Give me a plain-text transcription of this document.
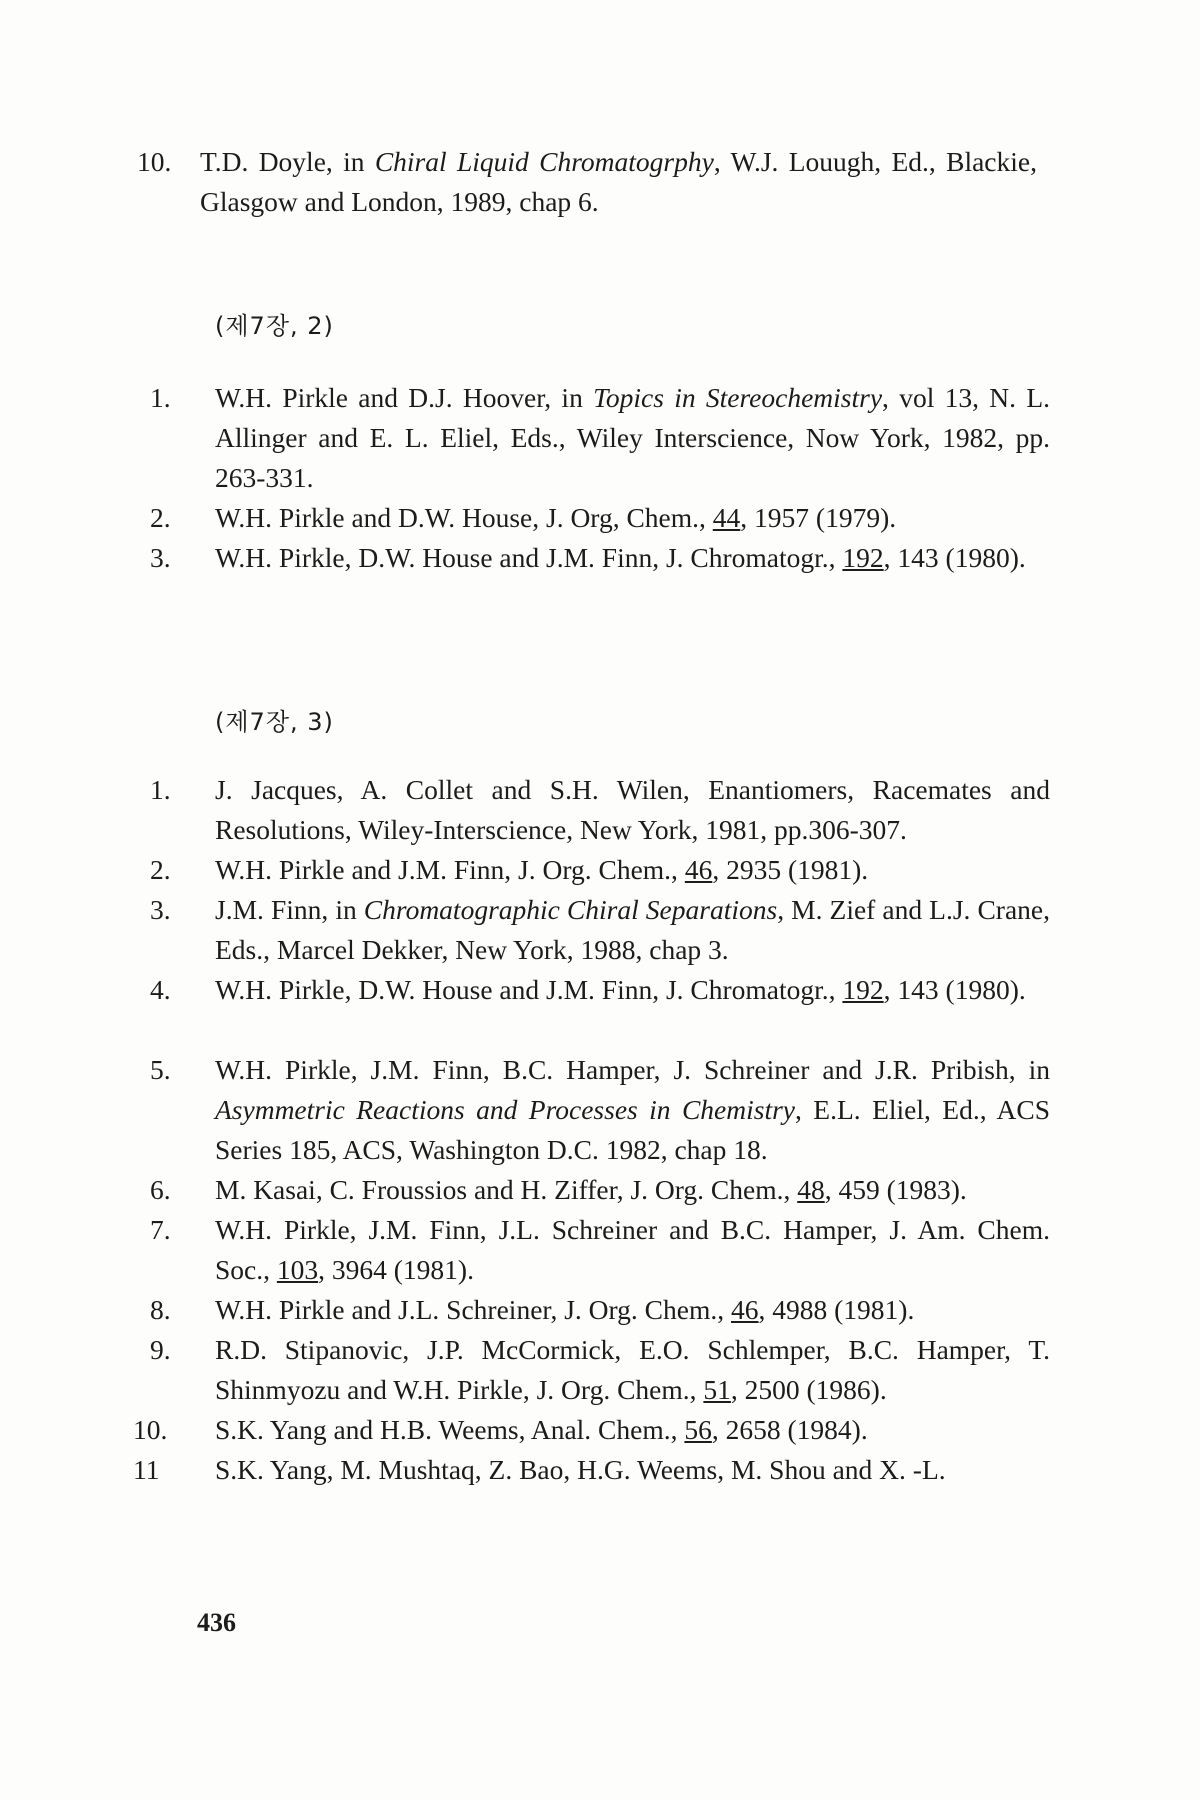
10.	T.D. Doyle, in Chiral Liquid Chromatogrphy, W.J. Louugh, Ed., Blackie, Glasgow and London, 1989, chap 6.
(제7장, 2)
1.	W.H. Pirkle and D.J. Hoover, in Topics in Stereochemistry, vol 13, N. L. Allinger and E. L. Eliel, Eds., Wiley Interscience, Now York, 1982, pp. 263-331.
2.	W.H. Pirkle and D.W. House, J. Org, Chem., 44, 1957 (1979).
3.	W.H. Pirkle, D.W. House and J.M. Finn, J. Chromatogr., 192, 143 (1980).
(제7장, 3)
1.	J. Jacques, A. Collet and S.H. Wilen, Enantiomers, Racemates and Resolutions, Wiley-Interscience, New York, 1981, pp.306-307.
2.	W.H. Pirkle and J.M. Finn, J. Org. Chem., 46, 2935 (1981).
3.	J.M. Finn, in Chromatographic Chiral Separations, M. Zief and L.J. Crane, Eds., Marcel Dekker, New York, 1988, chap 3.
4.	W.H. Pirkle, D.W. House and J.M. Finn, J. Chromatogr., 192, 143 (1980).
5.	W.H. Pirkle, J.M. Finn, B.C. Hamper, J. Schreiner and J.R. Pribish, in Asymmetric Reactions and Processes in Chemistry, E.L. Eliel, Ed., ACS Series 185, ACS, Washington D.C. 1982, chap 18.
6.	M. Kasai, C. Froussios and H. Ziffer, J. Org. Chem., 48, 459 (1983).
7.	W.H. Pirkle, J.M. Finn, J.L. Schreiner and B.C. Hamper, J. Am. Chem. Soc., 103, 3964 (1981).
8.	W.H. Pirkle and J.L. Schreiner, J. Org. Chem., 46, 4988 (1981).
9.	R.D. Stipanovic, J.P. McCormick, E.O. Schlemper, B.C. Hamper, T. Shinmyozu and W.H. Pirkle, J. Org. Chem., 51, 2500 (1986).
10.	S.K. Yang and H.B. Weems, Anal. Chem., 56, 2658 (1984).
11	S.K. Yang, M. Mushtaq, Z. Bao, H.G. Weems, M. Shou and X. -L.
436
